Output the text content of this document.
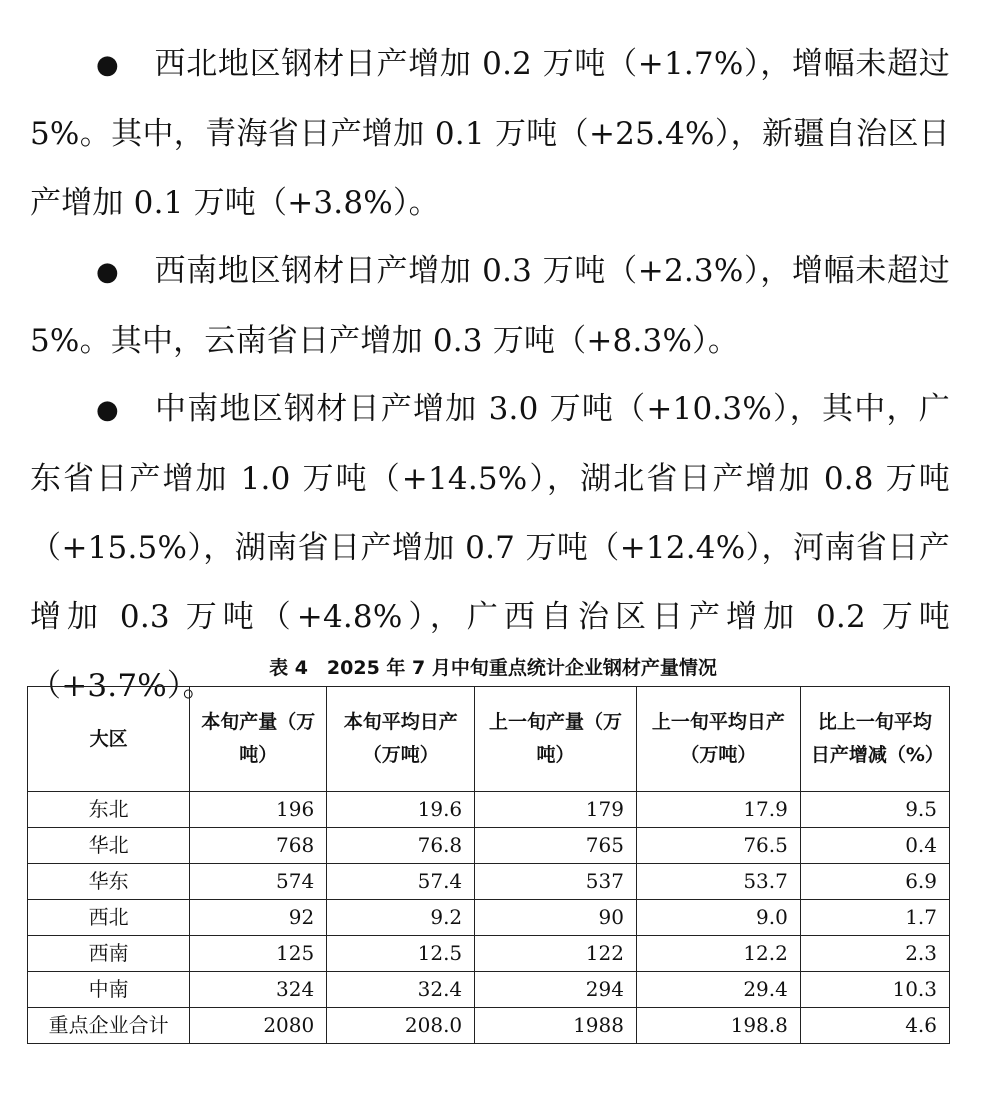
● 西北地区钢材日产增加 0.2 万吨（+1.7%），增幅未超过 5%。其中，青海省日产增加 0.1 万吨（+25.4%），新疆自治区日产增加 0.1 万吨（+3.8%）。

● 西南地区钢材日产增加 0.3 万吨（+2.3%），增幅未超过 5%。其中，云南省日产增加 0.3 万吨（+8.3%）。

● 中南地区钢材日产增加 3.0 万吨（+10.3%），其中，广东省日产增加 1.0 万吨（+14.5%），湖北省日产增加 0.8 万吨（+15.5%），湖南省日产增加 0.7 万吨（+12.4%），河南省日产增加 0.3 万吨（+4.8%），广西自治区日产增加 0.2 万吨（+3.7%）。	表 4　2025 年 7 月中旬重点统计企业钢材产量情况

大区	本旬产量（万吨）	本旬平均日产（万吨）	上一旬产量（万吨）	上一旬平均日产（万吨）	比上一旬平均日产增减（%）
东北	196	19.6	179	17.9	9.5
华北	768	76.8	765	76.5	0.4
华东	574	57.4	537	53.7	6.9
西北	92	9.2	90	9.0	1.7
西南	125	12.5	122	12.2	2.3
中南	324	32.4	294	29.4	10.3
重点企业合计	2080	208.0	1988	198.8	4.6
